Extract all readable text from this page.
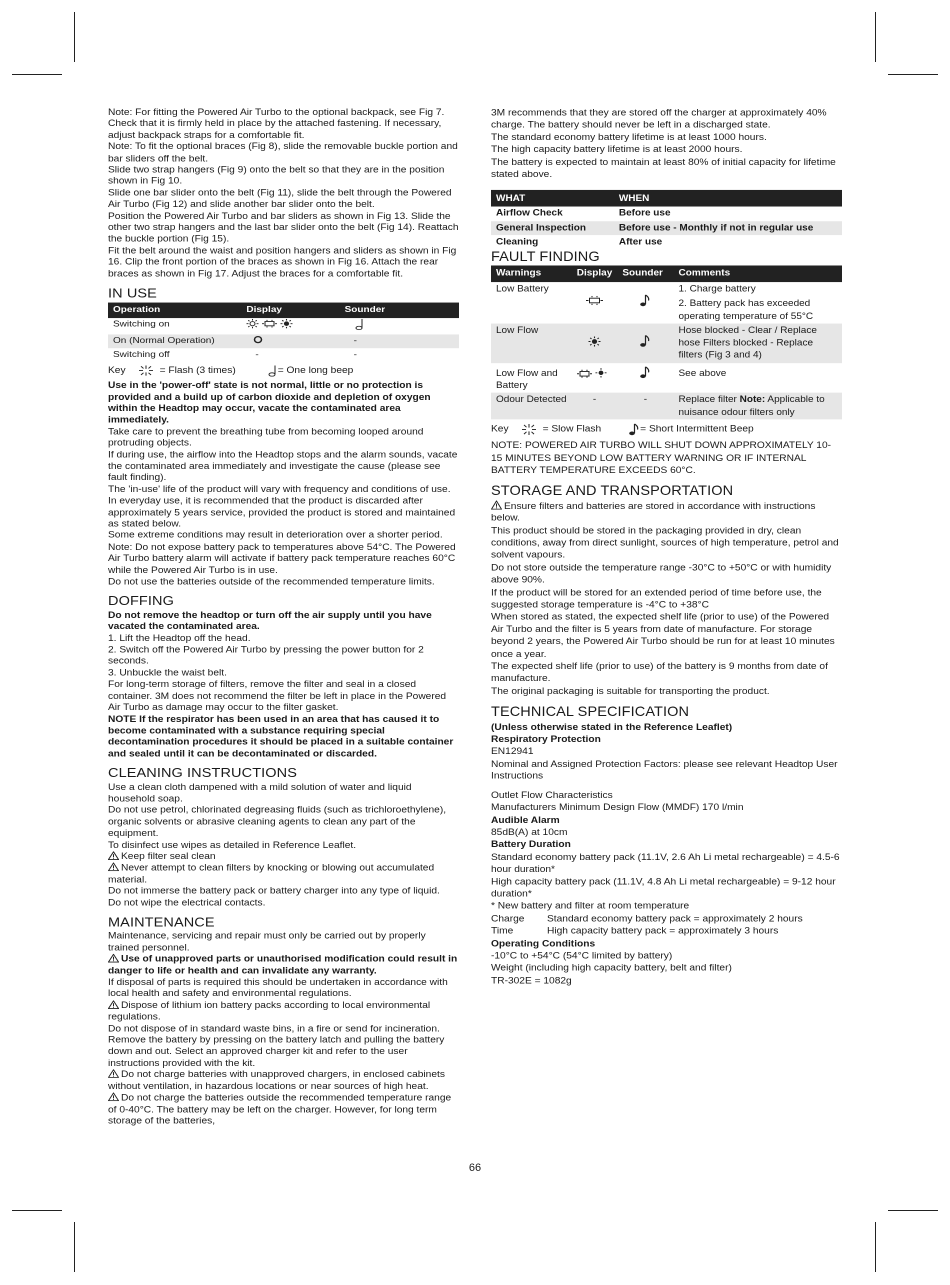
Note: For fitting the Powered Air Turbo to the optional backpack, see Fig 7. Check that it is firmly held in place by the attached fastening. If necessary, adjust backpack straps for a comfortable fit.

Note: To fit the optional braces (Fig 8), slide the removable buckle portion and bar sliders off the belt.

Slide two strap hangers (Fig 9) onto the belt so that they are in the position shown in Fig 10.

Slide one bar slider onto the belt (Fig 11), slide the belt through the Powered Air Turbo (Fig 12) and slide another bar slider onto the belt.

Position the Powered Air Turbo and bar sliders as shown in Fig 13. Slide the other two strap hangers and the last bar slider onto the belt (Fig 14). Reattach the buckle portion (Fig 15).

Fit the belt around the waist and position hangers and sliders as shown in Fig 16. Clip the front portion of the braces as shown in Fig 16. Attach the rear braces as shown in Fig 17. Adjust the braces for a comfortable fit.

IN USE
Operation	Display	Sounder
Switching on	

On (Normal Operation)		-
Switching off	-	-
Key	= Flash (3 times)	= One long beep

Use in the 'power-off' state is not normal, little or no protection is provided and a build up of carbon dioxide and depletion of oxygen within the Headtop may occur, vacate the contaminated area immediately.

Take care to prevent the breathing tube from becoming looped around protruding objects.

If during use, the airflow into the Headtop stops and the alarm sounds, vacate the contaminated area immediately and investigate the cause (please see fault finding).

The 'in-use' life of the product will vary with frequency and conditions of use.

In everyday use, it is recommended that the product is discarded after approximately 5 years service, provided the product is stored and maintained as stated below.

Some extreme conditions may result in deterioration over a shorter period.

Note: Do not expose battery pack to temperatures above 54°C. The Powered Air Turbo battery alarm will activate if battery pack temperature reaches 60°C while the Powered Air Turbo is in use.

Do not use the batteries outside of the recommended temperature limits.

DOFFING

Do not remove the headtop or turn off the air supply until you have vacated the contaminated area.

1. Lift the Headtop off the head.

2. Switch off the Powered Air Turbo by pressing the power button for 2 seconds.

3. Unbuckle the waist belt.

For long-term storage of filters, remove the filter and seal in a closed container. 3M does not recommend the filter be left in place in the Powered Air Turbo as damage may occur to the filter gasket.

NOTE If the respirator has been used in an area that has caused it to become contaminated with a substance requiring special decontamination procedures it should be placed in a suitable container and sealed until it can be decontaminated or discarded.

CLEANING INSTRUCTIONS

Use a clean cloth dampened with a mild solution of water and liquid household soap.

Do not use petrol, chlorinated degreasing fluids (such as trichloroethylene), organic solvents or abrasive cleaning agents to clean any part of the equipment.

To disinfect use wipes as detailed in Reference Leaflet.

Keep filter seal clean

Never attempt to clean filters by knocking or blowing out accumulated material.

Do not immerse the battery pack or battery charger into any type of liquid.

Do not wipe the electrical contacts.

MAINTENANCE

Maintenance, servicing and repair must only be carried out by properly trained personnel.

Use of unapproved parts or unauthorised modification could result in danger to life or health and can invalidate any warranty.

If disposal of parts is required this should be undertaken in accordance with local health and safety and environmental regulations.

Dispose of lithium ion battery packs according to local environmental regulations.

Do not dispose of in standard waste bins, in a fire or send for incineration.

Remove the battery by pressing on the battery latch and pulling the battery down and out. Select an approved charger kit and refer to the user instructions provided with the kit.

Do not charge batteries with unapproved chargers, in enclosed cabinets without ventilation, in hazardous locations or near sources of high heat.

Do not charge the batteries outside the recommended temperature range of 0-40°C. The battery may be left on the charger. However, for long term storage of the batteries,

3M recommends that they are stored off the charger at approximately 40% charge. The battery should never be left in a discharged state.

The standard economy battery lifetime is at least 1000 hours.

The high capacity battery lifetime is at least 2000 hours.

The battery is expected to maintain at least 80% of initial capacity for lifetime stated above.

WHAT	WHEN
Airflow Check	Before use
General Inspection	Before use - Monthly if not in regular use
Cleaning	After use
FAULT FINDING
Warnings	Display	Sounder	Comments
Low Battery			1. Charge battery
2. Battery pack has exceeded operating temperature of 55°C

Low Flow			Hose blocked - Clear / Replace hose Filters blocked - Replace filters (Fig 3 and 4)
Low Flow and Battery			See above
Odour Detected	-	-	Replace filter Note: Applicable to nuisance odour filters only
Key	= Slow Flash	= Short Intermittent Beep

NOTE: POWERED AIR TURBO WILL SHUT DOWN APPROXIMATELY 10-15 MINUTES BEYOND LOW BATTERY WARNING OR IF INTERNAL BATTERY TEMPERATURE EXCEEDS 60°C.

STORAGE AND TRANSPORTATION

Ensure filters and batteries are stored in accordance with instructions below.

This product should be stored in the packaging provided in dry, clean conditions, away from direct sunlight, sources of high temperature, petrol and solvent vapours.

Do not store outside the temperature range -30°C to +50°C or with humidity above 90%.

If the product will be stored for an extended period of time before use, the suggested storage temperature is -4°C to +38°C

When stored as stated, the expected shelf life (prior to use) of the Powered Air Turbo and the filter is 5 years from date of manufacture. For storage beyond 2 years, the Powered Air Turbo should be run for at least 10 minutes once a year.

The expected shelf life (prior to use) of the battery is 9 months from date of manufacture.

The original packaging is suitable for transporting the product.

TECHNICAL SPECIFICATION

(Unless otherwise stated in the Reference Leaflet)

Respiratory Protection

EN12941

Nominal and Assigned Protection Factors: please see relevant Headtop User Instructions

Outlet Flow Characteristics

Manufacturers Minimum Design Flow (MMDF) 170 l/min

Audible Alarm

85dB(A) at 10cm

Battery Duration

Standard economy battery pack (11.1V, 2.6 Ah Li metal rechargeable) = 4.5-6 hour duration*

High capacity battery pack (11.1V, 4.8 Ah Li metal rechargeable) = 9-12 hour duration*

* New battery and filter at room temperature

Charge Time
Standard economy battery pack = approximately 2 hours
High capacity battery pack = approximately 3 hours

Operating Conditions

-10°C to +54°C (54°C limited by battery)

Weight (including high capacity battery, belt and filter)

TR-302E = 1082g

66
